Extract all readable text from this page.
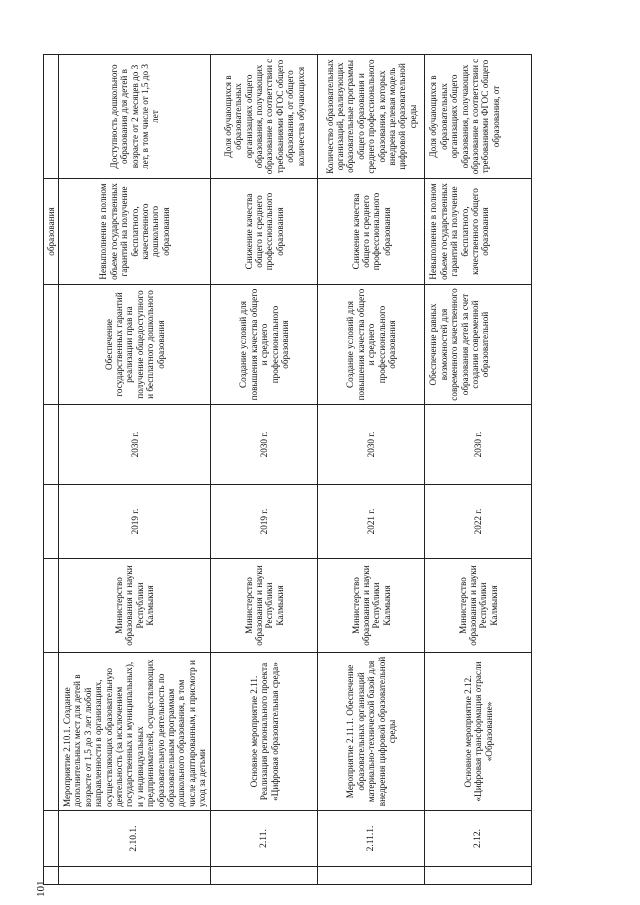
101
							образования	
	2.10.1.	Мероприятие 2.10.1. Создание дополнительных мест для детей в возрасте от 1,5 до 3 лет любой направленности в организациях, осуществляющих образовательную деятельность (за исключением государственных и муниципальных), и у индивидуальных предпринимателей, осуществляющих образовательную деятельность по образовательным программам дошкольного образования, в том числе адаптированным, и присмотр и уход за детьми	Министерство образования и науки Республики Калмыкия	2019 г.	2030 г.	Обеспечение государственных гарантий реализации прав на получение общедоступного и бесплатного дошкольного образования	Невыполнение в полном объеме государственных гарантий на получение бесплатного, качественного дошкольного образования	Доступность дошкольного образования для детей в возрасте от 2 месяцев до 3 лет, в том числе от 1,5 до 3 лет
	2.11.	Основное мероприятие 2.11. Реализация регионального проекта «Цифровая образовательная среда»	Министерство образования и науки Республики Калмыкия	2019 г.	2030 г.	Создание условий для повышения качества общего и среднего профессионального образования	Снижение качества общего и среднего профессионального образования	Доля обучающихся в образовательных организациях общего образования, получающих образование в соответствии с требованиями ФГОС общего образования, от общего количества обучающихся
	2.11.1.	Мероприятие 2.11.1. Обеспечение образовательных организаций материально-технической базой для внедрения цифровой образовательной среды	Министерство образования и науки Республики Калмыкия	2021 г.	2030 г.	Создание условий для повышения качества общего и среднего профессионального образования	Снижение качества общего и среднего профессионального образования	Количество образовательных организаций, реализующих образовательные программы общего образования и среднего профессионального образования, в которых внедрена целевая модель цифровой образовательной среды
	2.12.	Основное мероприятие 2.12. «Цифровая трансформация отрасли «Образование»	Министерство образования и науки Республики Калмыкия	2022 г.	2030 г.	Обеспечение равных возможностей для современного качественного образования детей за счет создания современной образовательной	Невыполнение в полном объеме государственных гарантий на получение бесплатного, качественного общего образования	Доля обучающихся в образовательных организациях общего образования, получающих образование в соответствии с требованиями ФГОС общего образования, от
